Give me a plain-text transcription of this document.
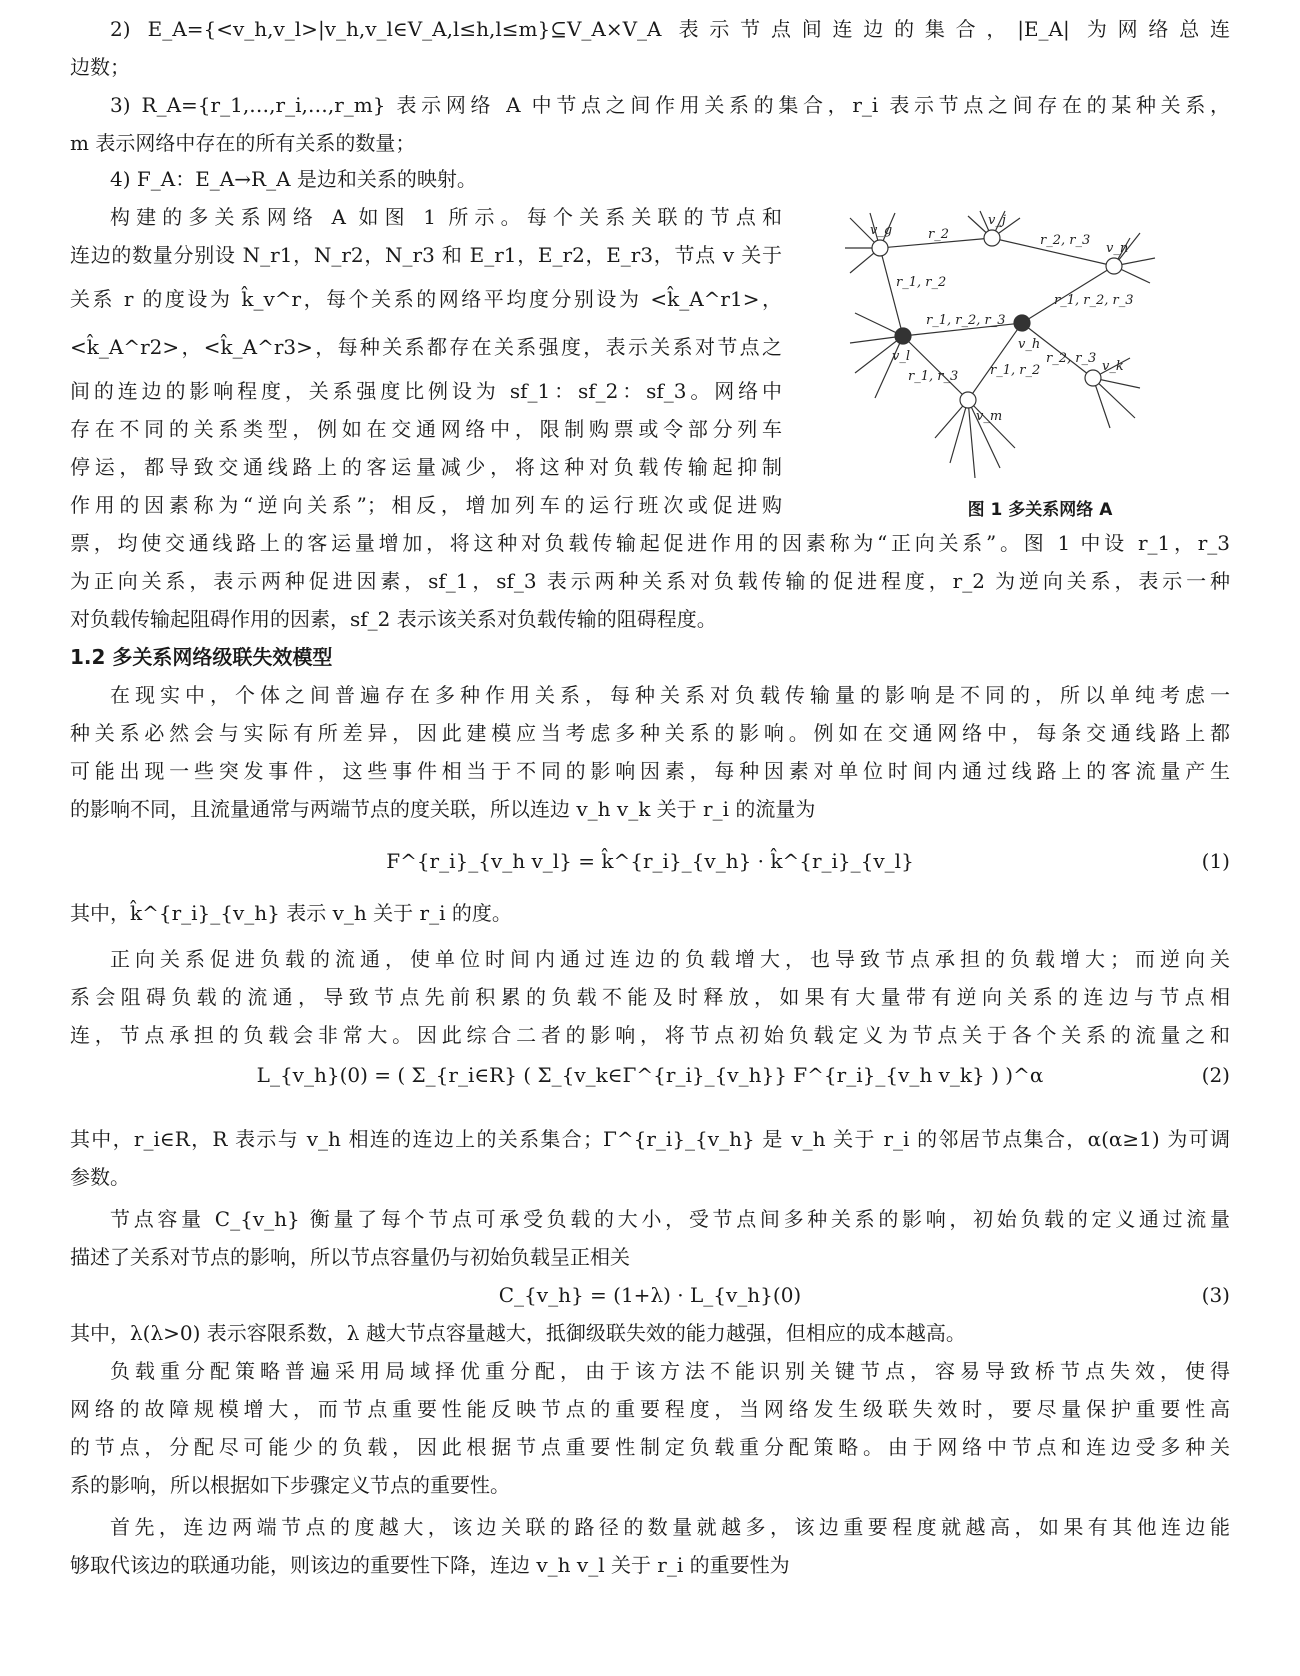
2) E_A={<v_h,v_l>|v_h,v_l∈V_A,l≤h,l≤m}⊆V_A×V_A 表示节点间连边的集合，|E_A| 为网络总连
边数；
3) R_A={r_1,…,r_i,…,r_m} 表示网络 A 中节点之间作用关系的集合，r_i 表示节点之间存在的某种关系，
m 表示网络中存在的所有关系的数量；
4) F_A：E_A→R_A 是边和关系的映射。
构建的多关系网络 A 如图 1 所示。每个关系关联的节点和
连边的数量分别设 N_r1，N_r2，N_r3 和 E_r1，E_r2，E_r3，节点 v 关于
关系 r 的度设为 k̂_v^r，每个关系的网络平均度分别设为 <k̂_A^r1>，
<k̂_A^r2>，<k̂_A^r3>，每种关系都存在关系强度，表示关系对节点之
间的连边的影响程度，关系强度比例设为 sf_1：sf_2：sf_3。网络中
存在不同的关系类型，例如在交通网络中，限制购票或令部分列车
停运，都导致交通线路上的客运量减少，将这种对负载传输起抑制
作用的因素称为“逆向关系”；相反，增加列车的运行班次或促进购
v_g
v_j
v_n
v_l
v_h
v_k
v_m
r_2	r_2, r_3
r_1, r_2
r_1, r_2, r_3
r_1, r_2, r_3
r_1, r_3 r_1, r_2
r_2, r_3
图 1 多关系网络 A
票，均使交通线路上的客运量增加，将这种对负载传输起促进作用的因素称为“正向关系”。图 1 中设 r_1，r_3
为正向关系，表示两种促进因素，sf_1，sf_3 表示两种关系对负载传输的促进程度，r_2 为逆向关系，表示一种
对负载传输起阻碍作用的因素，sf_2 表示该关系对负载传输的阻碍程度。
1.2 多关系网络级联失效模型
在现实中，个体之间普遍存在多种作用关系，每种关系对负载传输量的影响是不同的，所以单纯考虑一
种关系必然会与实际有所差异，因此建模应当考虑多种关系的影响。例如在交通网络中，每条交通线路上都
可能出现一些突发事件，这些事件相当于不同的影响因素，每种因素对单位时间内通过线路上的客流量产生
的影响不同，且流量通常与两端节点的度关联，所以连边 v_h v_k 关于 r_i 的流量为
F^{r_i}_{v_h v_l} = k̂^{r_i}_{v_h} · k̂^{r_i}_{v_l}	(1)
其中，k̂^{r_i}_{v_h} 表示 v_h 关于 r_i 的度。
正向关系促进负载的流通，使单位时间内通过连边的负载增大，也导致节点承担的负载增大；而逆向关
系会阻碍负载的流通，导致节点先前积累的负载不能及时释放，如果有大量带有逆向关系的连边与节点相
连，节点承担的负载会非常大。因此综合二者的影响，将节点初始负载定义为节点关于各个关系的流量之和
L_{v_h}(0) = ( Σ_{r_i∈R} ( Σ_{v_k∈Γ^{r_i}_{v_h}} F^{r_i}_{v_h v_k} ) )^α	(2)
其中，r_i∈R，R 表示与 v_h 相连的连边上的关系集合；Γ^{r_i}_{v_h} 是 v_h 关于 r_i 的邻居节点集合，α(α≥1) 为可调
参数。
节点容量 C_{v_h} 衡量了每个节点可承受负载的大小，受节点间多种关系的影响，初始负载的定义通过流量
描述了关系对节点的影响，所以节点容量仍与初始负载呈正相关
C_{v_h} = (1+λ) · L_{v_h}(0)	(3)
其中，λ(λ>0) 表示容限系数，λ 越大节点容量越大，抵御级联失效的能力越强，但相应的成本越高。
负载重分配策略普遍采用局域择优重分配，由于该方法不能识别关键节点，容易导致桥节点失效，使得
网络的故障规模增大，而节点重要性能反映节点的重要程度，当网络发生级联失效时，要尽量保护重要性高
的节点，分配尽可能少的负载，因此根据节点重要性制定负载重分配策略。由于网络中节点和连边受多种关
系的影响，所以根据如下步骤定义节点的重要性。
首先，连边两端节点的度越大，该边关联的路径的数量就越多，该边重要程度就越高，如果有其他连边能
够取代该边的联通功能，则该边的重要性下降，连边 v_h v_l 关于 r_i 的重要性为
